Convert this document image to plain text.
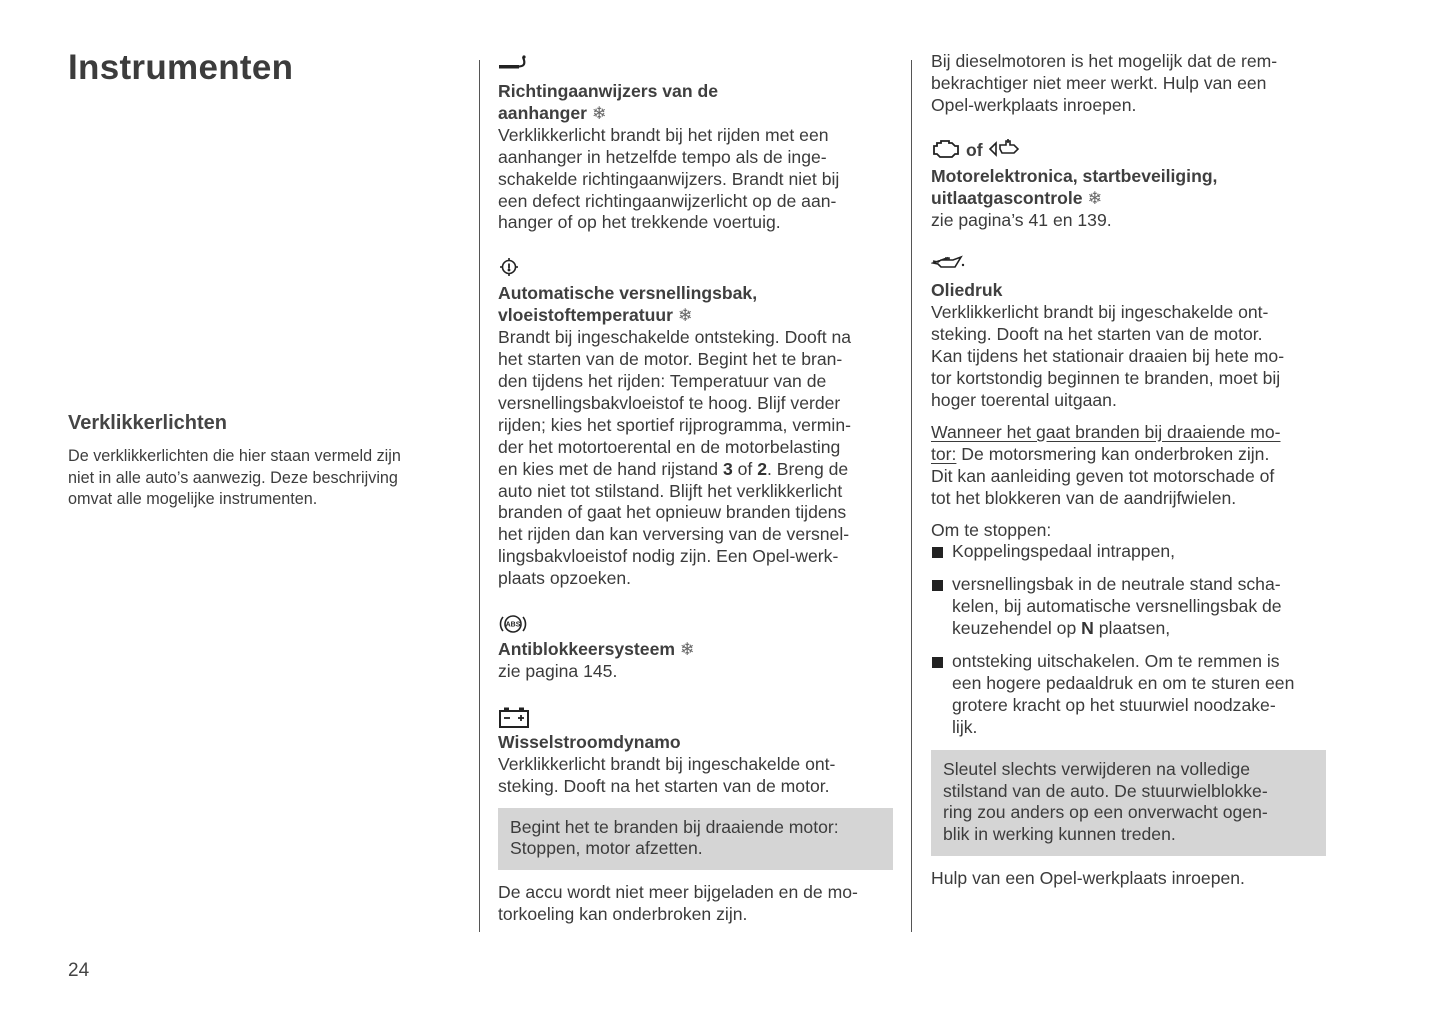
Instrumenten
Verklikkerlichten
De verklikkerlichten die hier staan vermeld zijn
niet in alle auto’s aanwezig. Deze beschrijving
omvat alle mogelijke instrumenten.
24
Richtingaanwijzers van de
aanhanger ❄
Verklikkerlicht brandt bij het rijden met een
aanhanger in hetzelfde tempo als de inge-
schakelde richtingaanwijzers. Brandt niet bij
een defect richtingaanwijzerlicht op de aan-
hanger of op het trekkende voertuig.
Automatische versnellingsbak,
vloeistoftemperatuur ❄
Brandt bij ingeschakelde ontsteking. Dooft na
het starten van de motor. Begint het te bran-
den tijdens het rijden: Temperatuur van de
versnellingsbakvloeistof te hoog. Blijf verder
rijden; kies het sportief rijprogramma, vermin-
der het motortoerental en de motorbelasting
en kies met de hand rijstand 3 of 2. Breng de
auto niet tot stilstand. Blijft het verklikkerlicht
branden of gaat het opnieuw branden tijdens
het rijden dan kan verversing van de versnel-
lingsbakvloeistof nodig zijn. Een Opel-werk-
plaats opzoeken.
ABS
Antiblokkeersysteem ❄
zie pagina 145.
Wisselstroomdynamo
Verklikkerlicht brandt bij ingeschakelde ont-
steking. Dooft na het starten van de motor.
Begint het te branden bij draaiende motor:
Stoppen, motor afzetten.
De accu wordt niet meer bijgeladen en de mo-
torkoeling kan onderbroken zijn.
Bij dieselmotoren is het mogelijk dat de rem-
bekrachtiger niet meer werkt. Hulp van een
Opel-werkplaats inroepen.
of
Motorelektronica, startbeveiliging,
uitlaatgascontrole ❄
zie pagina’s 41 en 139.
Oliedruk
Verklikkerlicht brandt bij ingeschakelde ont-
steking. Dooft na het starten van de motor.
Kan tijdens het stationair draaien bij hete mo-
tor kortstondig beginnen te branden, moet bij
hoger toerental uitgaan.
Wanneer het gaat branden bij draaiende mo-
tor: De motorsmering kan onderbroken zijn.
Dit kan aanleiding geven tot motorschade of
tot het blokkeren van de aandrijfwielen.
Om te stoppen:
Koppelingspedaal intrappen,
versnellingsbak in de neutrale stand scha-
kelen, bij automatische versnellingsbak de
keuzehendel op N plaatsen,
ontsteking uitschakelen. Om te remmen is
een hogere pedaaldruk en om te sturen een
grotere kracht op het stuurwiel noodzake-
lijk.
Sleutel slechts verwijderen na volledige
stilstand van de auto. De stuurwielblokke-
ring zou anders op een onverwacht ogen-
blik in werking kunnen treden.
Hulp van een Opel-werkplaats inroepen.
